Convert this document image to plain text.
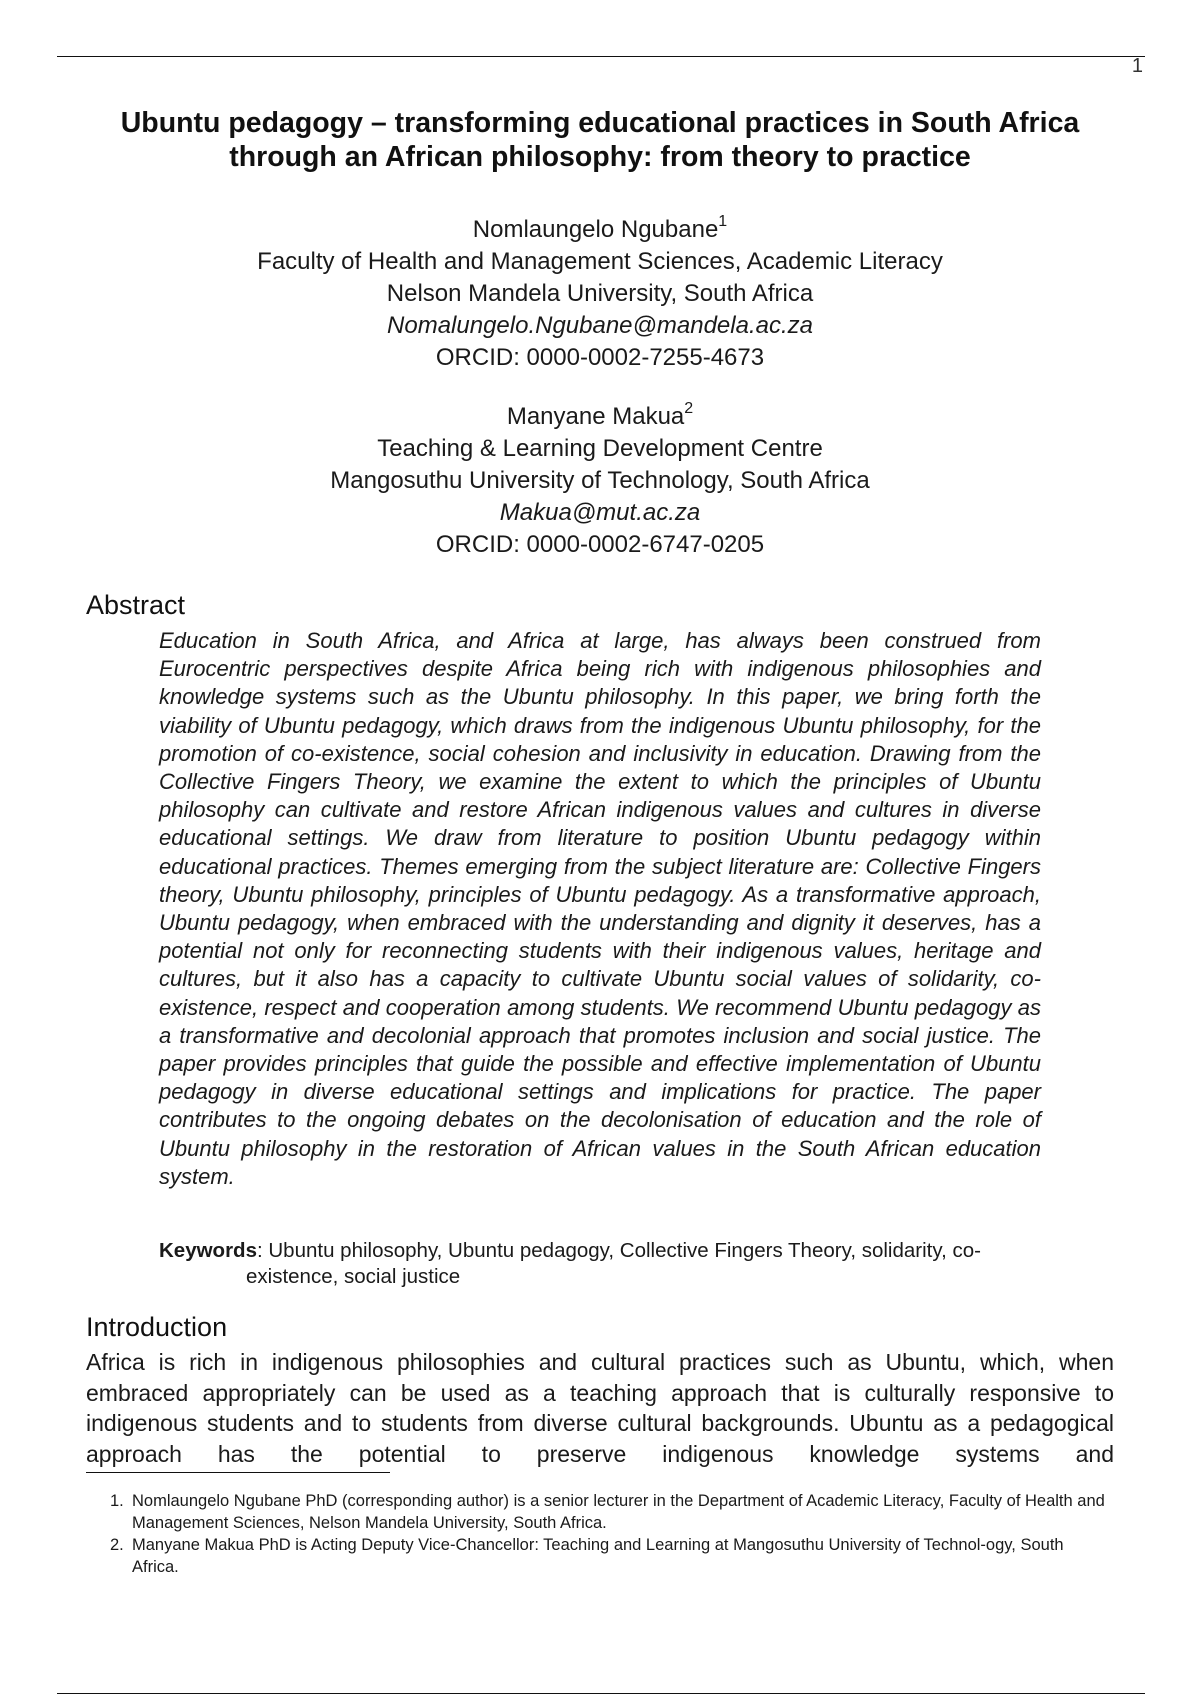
1
Ubuntu pedagogy – transforming educational practices in South Africa
through an African philosophy: from theory to practice
Nomlaungelo Ngubane$^1$
Faculty of Health and Management Sciences, Academic Literacy
Nelson Mandela University, South Africa
Nomalungelo.Ngubane@mandela.ac.za
ORCID: 0000-0002-7255-4673
Manyane Makua$^2$
Teaching & Learning Development Centre
Mangosuthu University of Technology, South Africa
Makua@mut.ac.za
ORCID: 0000-0002-6747-0205
Abstract

Education in South Africa, and Africa at large, has always been construed from Eurocentric perspectives despite Africa being rich with indigenous philosophies and knowledge systems such as the Ubuntu philosophy. In this paper, we bring forth the viability of Ubuntu pedagogy, which draws from the indigenous Ubuntu philosophy, for the promotion of co-existence, social cohesion and inclusivity in education. Drawing from the Collective Fingers Theory, we examine the extent to which the principles of Ubuntu philosophy can cultivate and restore African indigenous values and cultures in diverse educational settings. We draw from literature to position Ubuntu pedagogy within educational practices. Themes emerging from the subject literature are: Collective Fingers theory, Ubuntu philosophy, principles of Ubuntu pedagogy. As a transformative approach, Ubuntu pedagogy, when embraced with the understanding and dignity it deserves, has a potential not only for reconnecting students with their indigenous values, heritage and cultures, but it also has a capacity to cultivate Ubuntu social values of solidarity, co-existence, respect and cooperation among students. We recommend Ubuntu pedagogy as a transformative and decolonial approach that promotes inclusion and social justice. The paper provides principles that guide the possible and effective implementation of Ubuntu pedagogy in diverse educational settings and implications for practice. The paper contributes to the ongoing debates on the decolonisation of education and the role of Ubuntu philosophy in the restoration of African values in the South African education system.

Keywords: Ubuntu philosophy, Ubuntu pedagogy, Collective Fingers Theory, solidarity, co-
existence, social justice

Introduction

Africa is rich in indigenous philosophies and cultural practices such as Ubuntu, which, when embraced appropriately can be used as a teaching approach that is culturally responsive to indigenous students and to students from diverse cultural backgrounds. Ubuntu as a pedagogical approach has the potential to preserve indigenous knowledge systems and

1. Nomlaungelo Ngubane PhD (corresponding author) is a senior lecturer in the Department of Academic Literacy, Faculty of Health and Management Sciences, Nelson Mandela University, South Africa.
2. Manyane Makua PhD is Acting Deputy Vice-Chancellor: Teaching and Learning at Mangosuthu University of Technol-ogy, South Africa.
